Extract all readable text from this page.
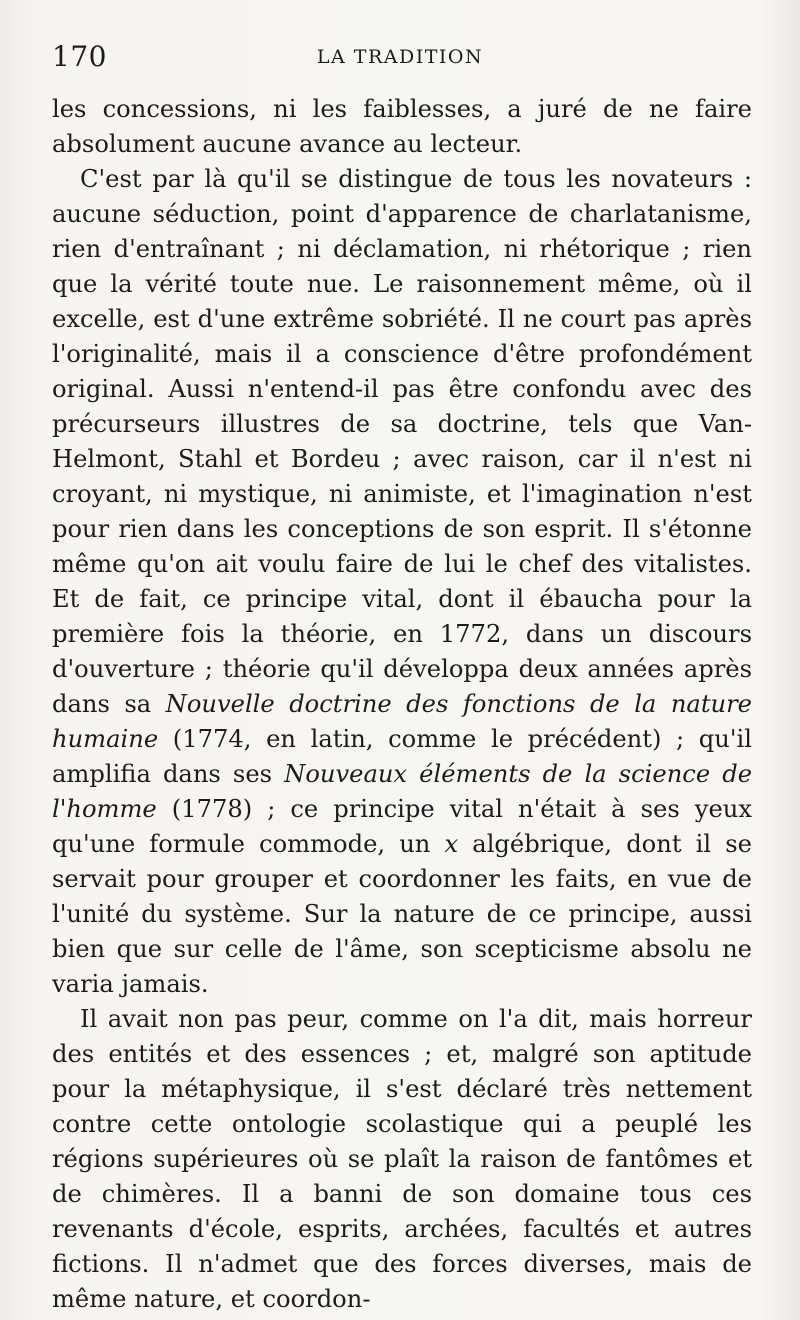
170	LA TRADITION

les concessions, ni les faiblesses, a juré de ne faire absolument aucune avance au lecteur.

C'est par là qu'il se distingue de tous les novateurs : aucune séduction, point d'apparence de charlatanisme, rien d'entraînant ; ni déclamation, ni rhétorique ; rien que la vérité toute nue. Le raisonnement même, où il excelle, est d'une extrême sobriété. Il ne court pas après l'originalité, mais il a conscience d'être profondément original. Aussi n'entend-il pas être confondu avec des précurseurs illustres de sa doctrine, tels que Van-Helmont, Stahl et Bordeu ; avec raison, car il n'est ni croyant, ni mystique, ni animiste, et l'imagination n'est pour rien dans les conceptions de son esprit. Il s'étonne même qu'on ait voulu faire de lui le chef des vitalistes. Et de fait, ce principe vital, dont il ébaucha pour la première fois la théorie, en 1772, dans un discours d'ouverture ; théorie qu'il développa deux années après dans sa Nouvelle doctrine des fonctions de la nature humaine (1774, en latin, comme le précédent) ; qu'il amplifia dans ses Nouveaux éléments de la science de l'homme (1778) ; ce principe vital n'était à ses yeux qu'une formule commode, un x algébrique, dont il se servait pour grouper et coordonner les faits, en vue de l'unité du système. Sur la nature de ce principe, aussi bien que sur celle de l'âme, son scepticisme absolu ne varia jamais.

Il avait non pas peur, comme on l'a dit, mais horreur des entités et des essences ; et, malgré son aptitude pour la métaphysique, il s'est déclaré très nettement contre cette ontologie scolastique qui a peuplé les régions supérieures où se plaît la raison de fantômes et de chimères. Il a banni de son domaine tous ces revenants d'école, esprits, archées, facultés et autres fictions. Il n'admet que des forces diverses, mais de même nature, et coordon-
